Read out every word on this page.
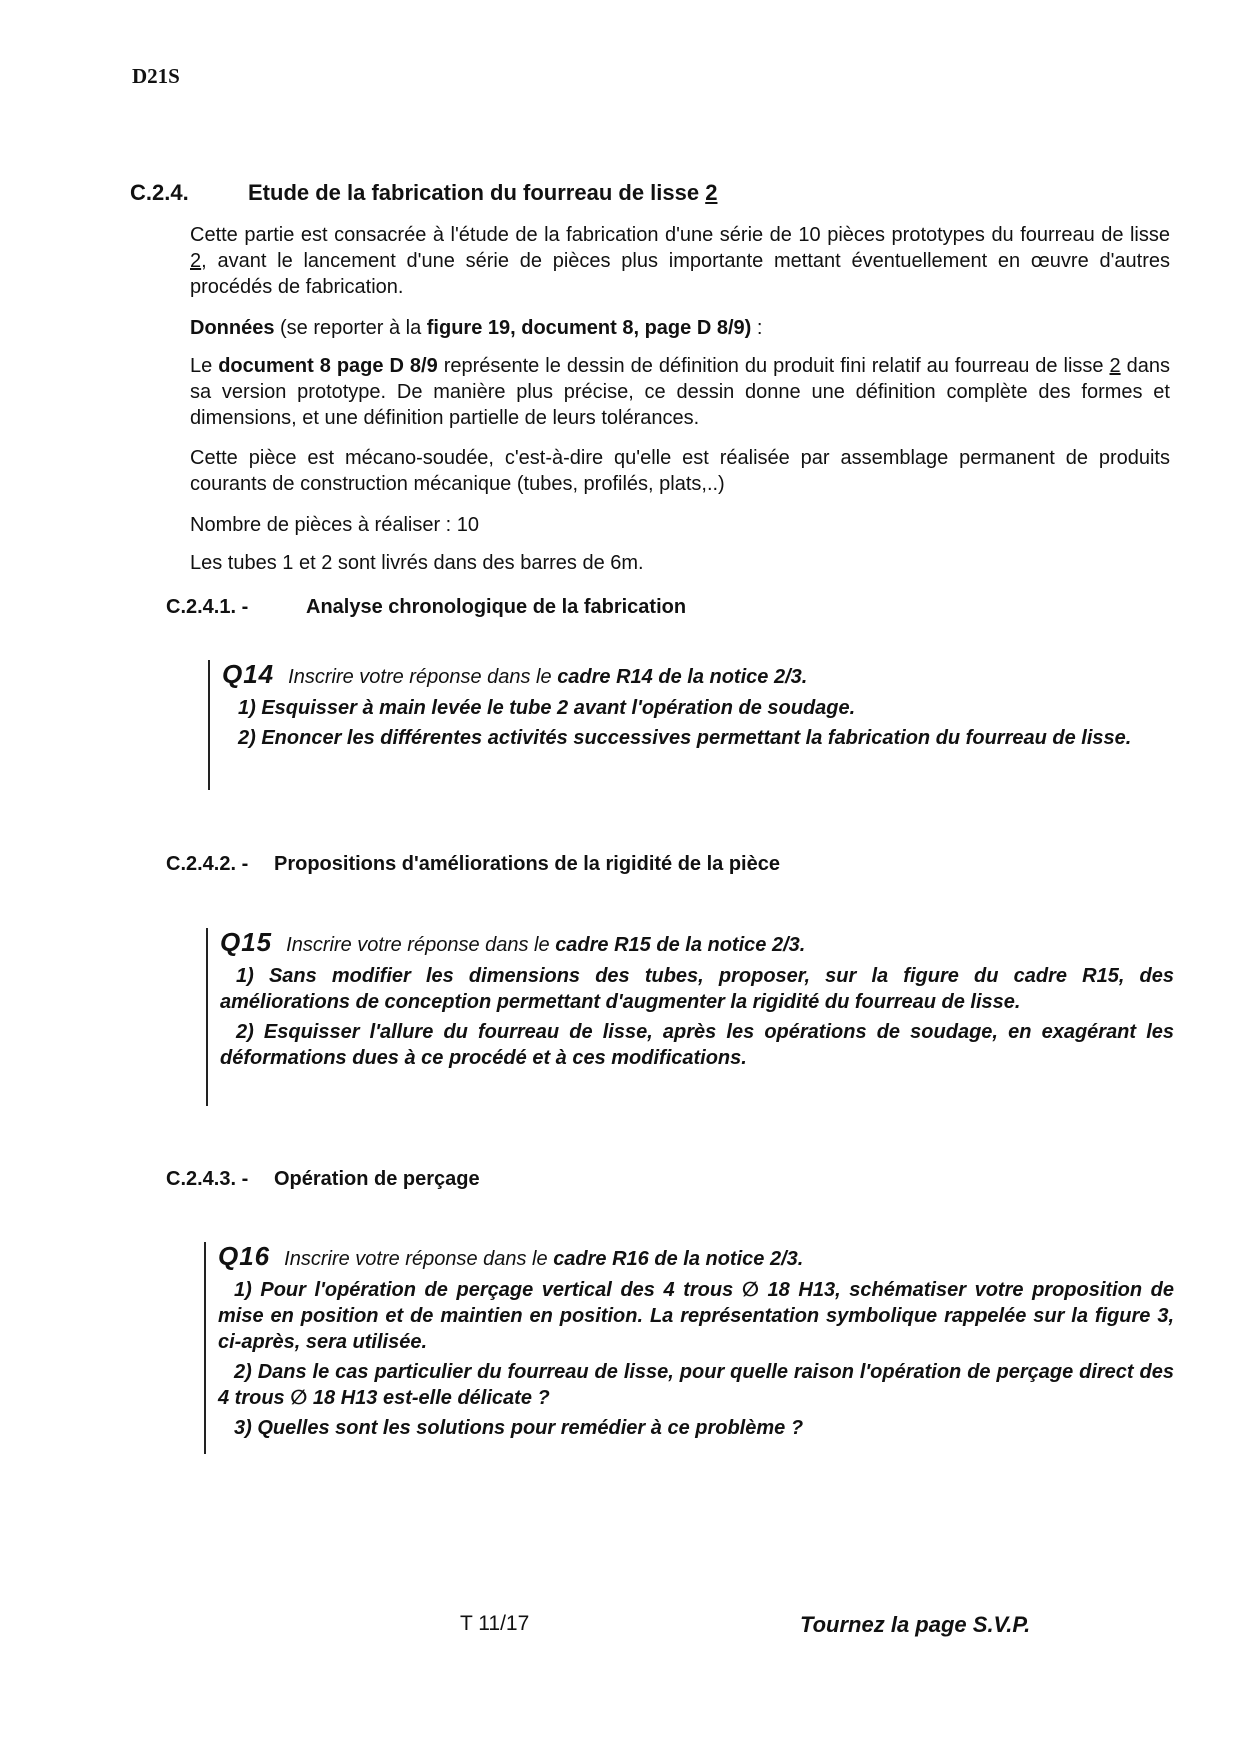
D21S
C.2.4.	Etude de la fabrication du fourreau de lisse 2
Cette partie est consacrée à l'étude de la fabrication d'une série de 10 pièces prototypes du fourreau de lisse 2, avant le lancement d'une série de pièces plus importante mettant éventuellement en œuvre d'autres procédés de fabrication.
Données (se reporter à la figure 19, document 8, page D 8/9) :
Le document 8 page D 8/9 représente le dessin de définition du produit fini relatif au fourreau de lisse 2 dans sa version prototype. De manière plus précise, ce dessin donne une définition complète des formes et dimensions, et une définition partielle de leurs tolérances.
Cette pièce est mécano-soudée, c'est-à-dire qu'elle est réalisée par assemblage permanent de produits courants de construction mécanique (tubes, profilés, plats,..)
Nombre de pièces à réaliser : 10
Les tubes 1 et 2 sont livrés dans des barres de 6m.
C.2.4.1. -	Analyse chronologique de la fabrication
Q14 Inscrire votre réponse dans le cadre R14 de la notice 2/3.
1) Esquisser à main levée le tube 2 avant l'opération de soudage.
2) Enoncer les différentes activités successives permettant la fabrication du fourreau de lisse.
C.2.4.2. - Propositions d'améliorations de la rigidité de la pièce
Q15 Inscrire votre réponse dans le cadre R15 de la notice 2/3.
1) Sans modifier les dimensions des tubes, proposer, sur la figure du cadre R15, des améliorations de conception permettant d'augmenter la rigidité du fourreau de lisse.
2) Esquisser l'allure du fourreau de lisse, après les opérations de soudage, en exagérant les déformations dues à ce procédé et à ces modifications.
C.2.4.3. - Opération de perçage
Q16 Inscrire votre réponse dans le cadre R16 de la notice 2/3.
1) Pour l'opération de perçage vertical des 4 trous ∅ 18 H13, schématiser votre proposition de mise en position et de maintien en position. La représentation symbolique rappelée sur la figure 3, ci-après, sera utilisée.
2) Dans le cas particulier du fourreau de lisse, pour quelle raison l'opération de perçage direct des 4 trous ∅ 18 H13 est-elle délicate ?
3) Quelles sont les solutions pour remédier à ce problème ?
T 11/17	Tournez la page S.V.P.
